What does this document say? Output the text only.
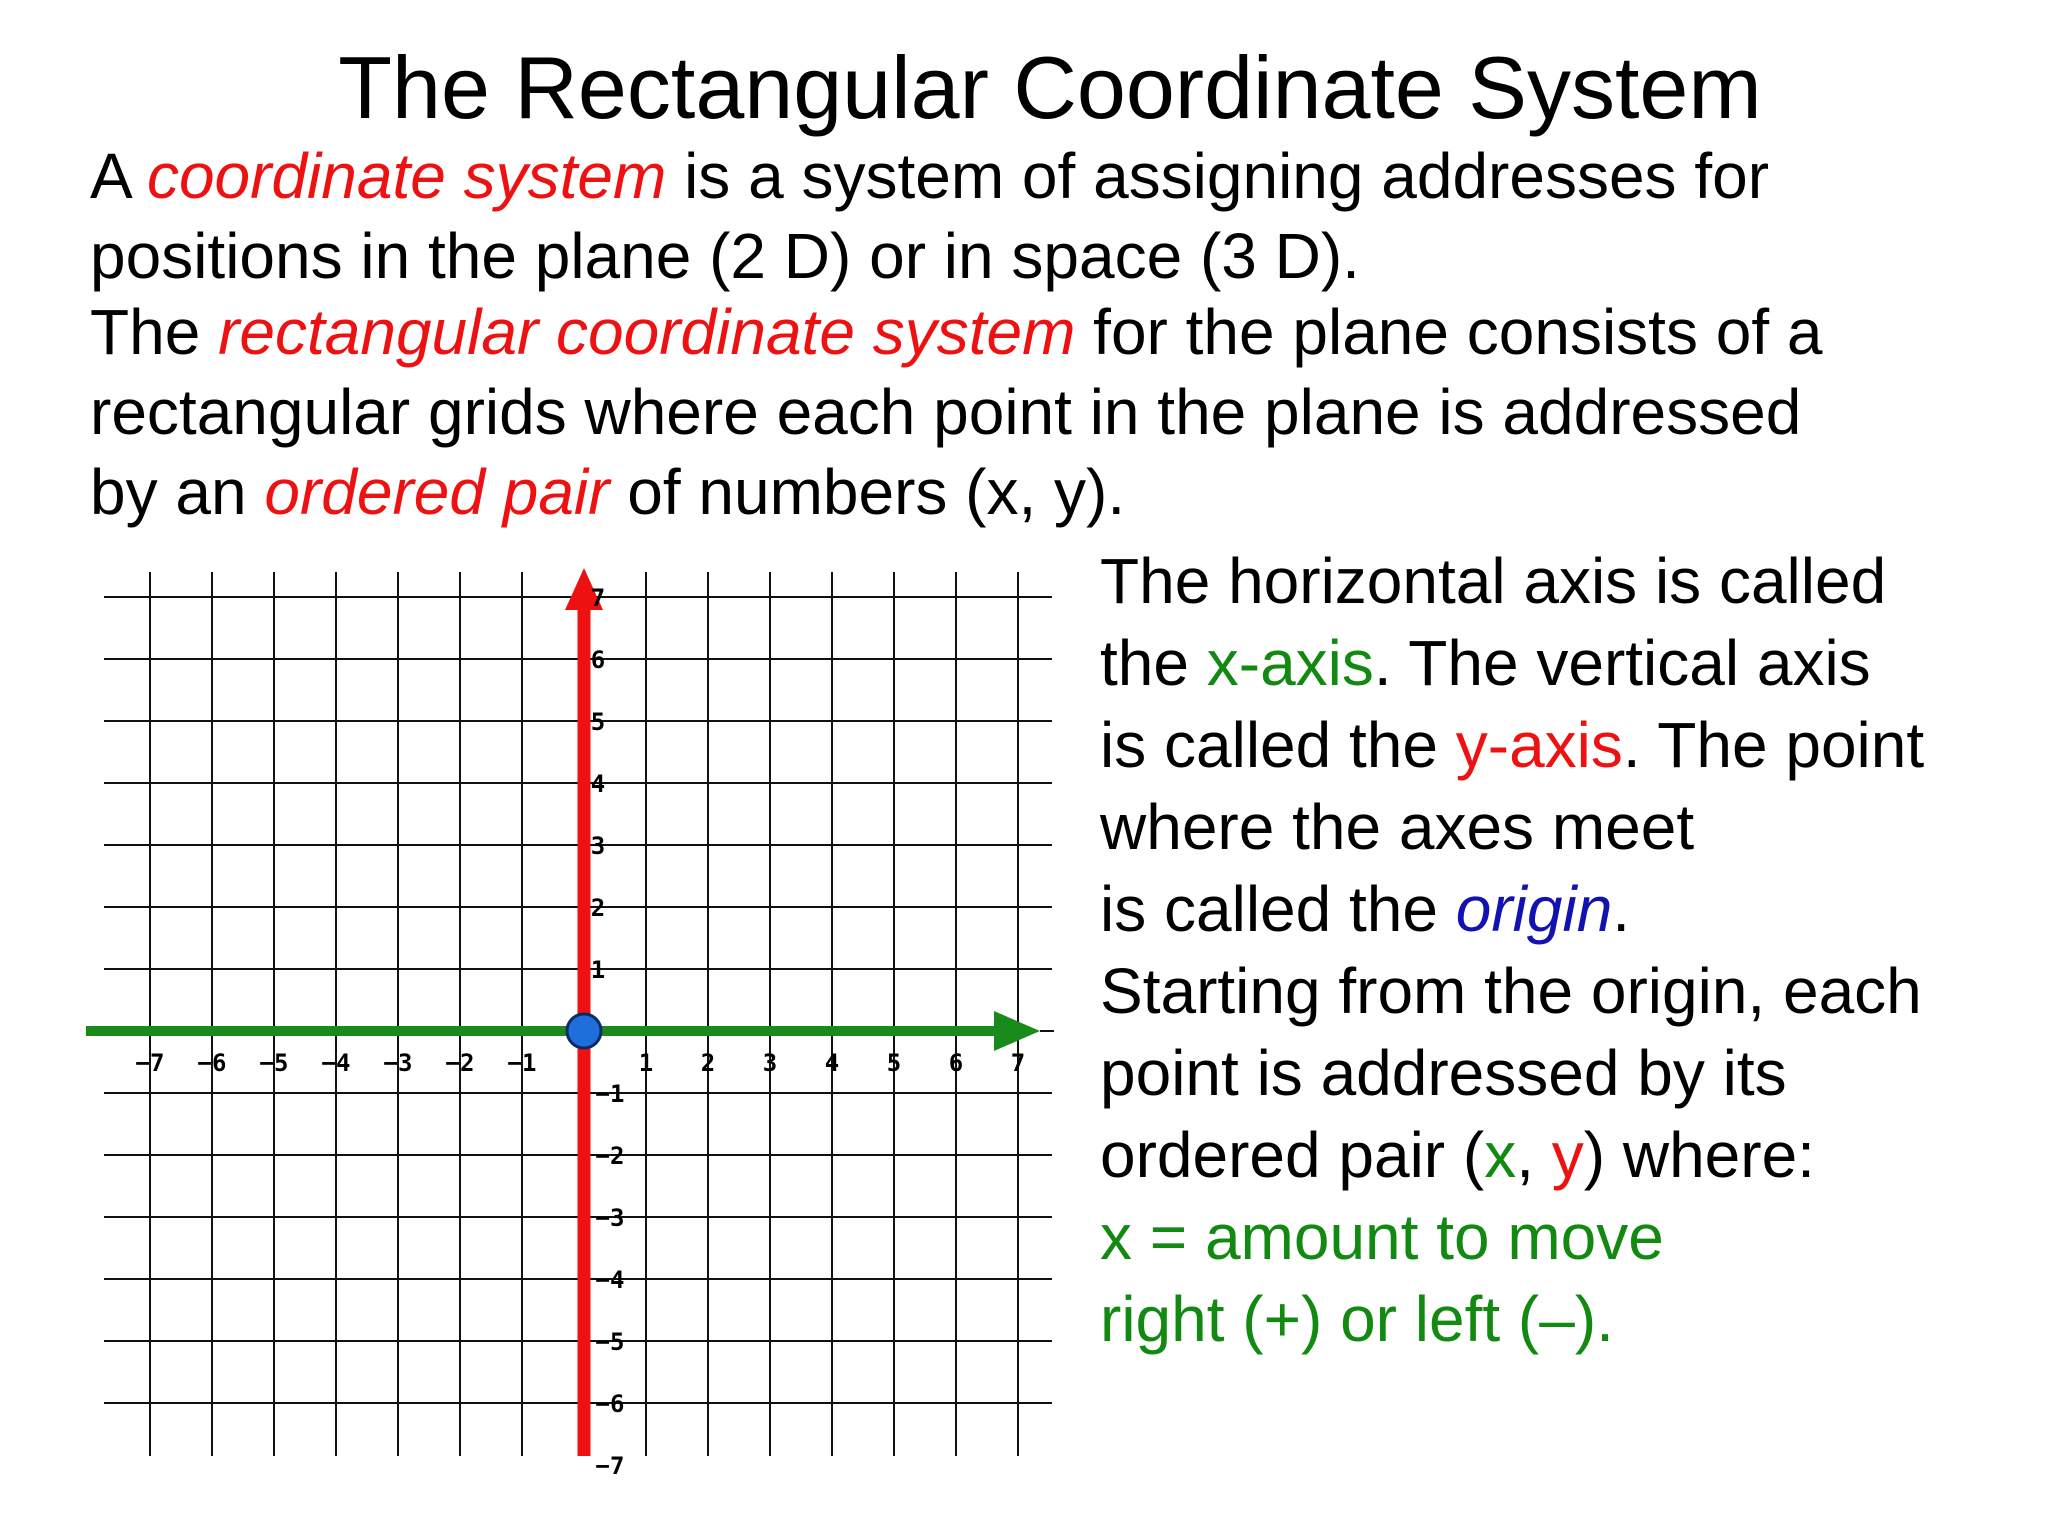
The Rectangular Coordinate System
A coordinate system is a system of assigning addresses for
positions in the plane (2 D) or in space (3 D).
The rectangular coordinate system for the plane consists of a
rectangular grids where each point in the plane is addressed
by an ordered pair of numbers (x, y).
−7 −6 −5 −4 −3 −2 −1	1 2 3 4 5 6 7
7
6
5
4
3
2
1
−1
−2
−3
−4
−5
−6
−7
The horizontal axis is called
the x-axis. The vertical axis
is called the y-axis. The point
where the axes meet
is called the origin.
Starting from the origin, each
point is addressed by its
ordered pair (x, y) where:
x = amount to move
right (+) or left (–).
